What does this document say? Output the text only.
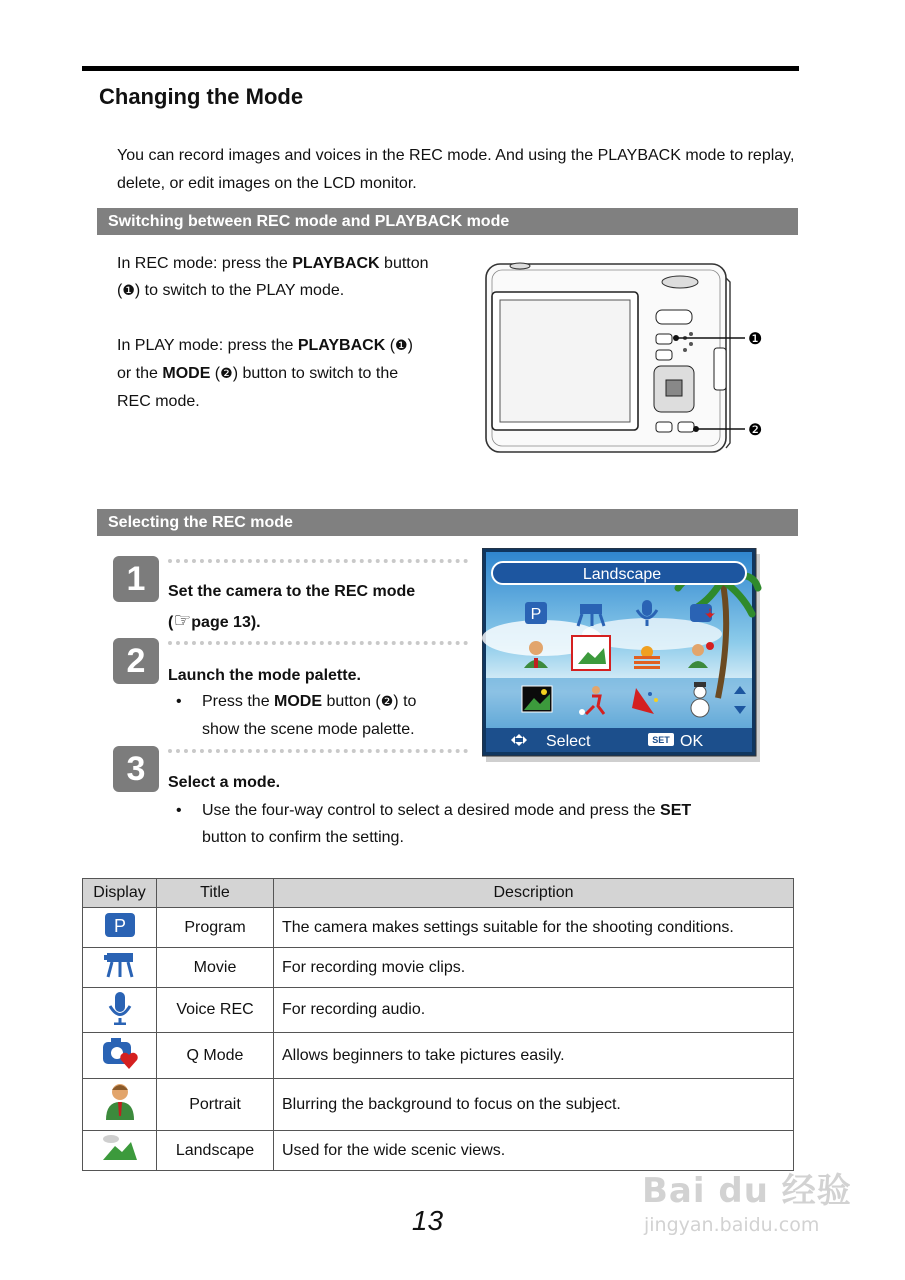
Changing the Mode
You can record images and voices in the REC mode. And using the PLAYBACK mode to replay, delete, or edit images on the LCD monitor.
Switching between REC mode and PLAYBACK mode
In REC mode: press the PLAYBACK button
(❶) to switch to the PLAY mode.
In PLAY mode: press the PLAYBACK (❶)
or the MODE (❷) button to switch to the
REC mode.
❶
❷
Selecting the REC mode
1	Set the camera to the REC mode
(☞page 13).
2	Launch the mode palette.
• Press the MODE button (❷) to
show the scene mode palette.
3	Select a mode.
• Use the four-way control to select a desired mode and press the SET
button to confirm the setting.
Landscape
P
Select	SET OK
Display	Title	Description

P	Program	The camera makes settings suitable for the shooting conditions.
	Movie	For recording movie clips.
	Voice REC	For recording audio.
	Q Mode	Allows beginners to take pictures easily.
	Portrait	Blurring the background to focus on the subject.
	Landscape	Used for the wide scenic views.
13
Bai du 经验
jingyan.baidu.com
